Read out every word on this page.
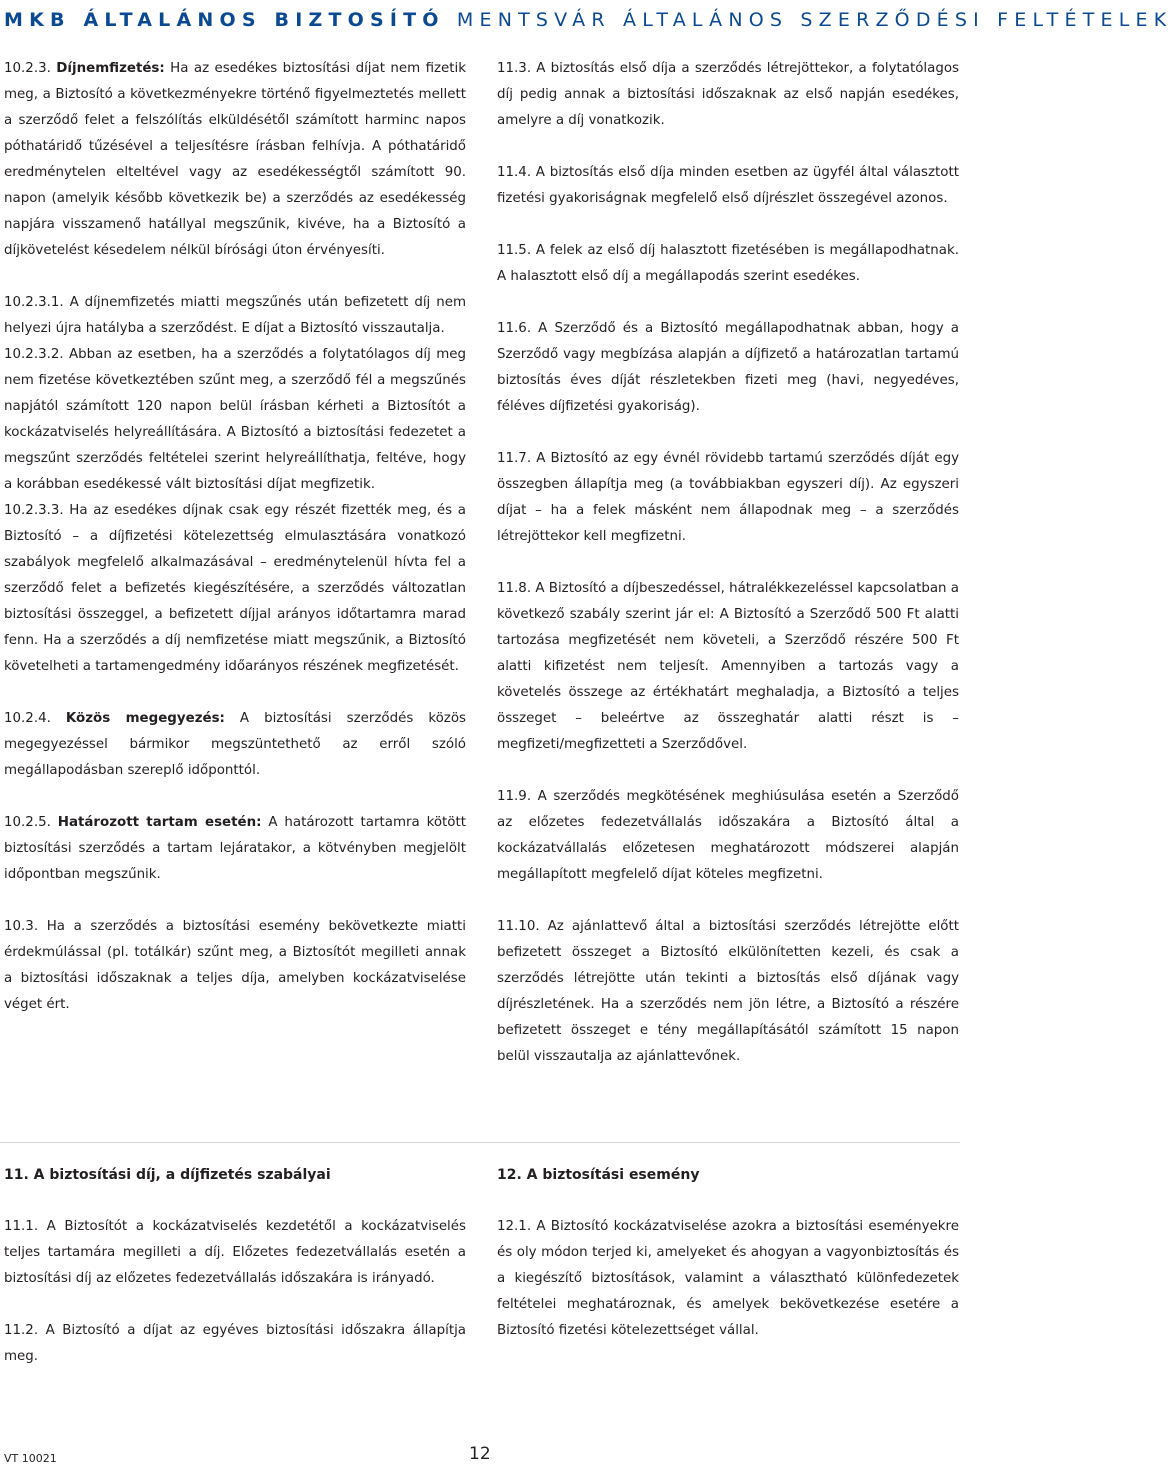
MKB ÁLTALÁNOS BIZTOSÍTÓ MENTSVÁR ÁLTALÁNOS SZERZŐDÉSI FELTÉTELEK

10.2.3. Díjnemfizetés: Ha az esedékes biztosítási díjat nem fizetik meg, a Biztosító a következményekre történő figyelmeztetés mellett a szerződő felet a felszólítás elküldésétől számított harminc napos póthatáridő tűzésével a teljesítésre írásban felhívja. A póthatáridő eredménytelen elteltével vagy az esedékességtől számított 90. napon (amelyik később következik be) a szerződés az esedékesség napjára visszamenő hatállyal megszűnik, kivéve, ha a Biztosító a díjkövetelést késedelem nélkül bírósági úton érvényesíti.

10.2.3.1. A díjnemfizetés miatti megszűnés után befizetett díj nem helyezi újra hatályba a szerződést. E díjat a Biztosító visszautalja.

10.2.3.2. Abban az esetben, ha a szerződés a folytatólagos díj meg nem fizetése következtében szűnt meg, a szerződő fél a megszűnés napjától számított 120 napon belül írásban kérheti a Biztosítót a kockázatviselés helyreállítására. A Biztosító a biztosítási fedezetet a megszűnt szerződés feltételei szerint helyreállíthatja, feltéve, hogy a korábban esedékessé vált biztosítási díjat megfizetik.

10.2.3.3. Ha az esedékes díjnak csak egy részét fizették meg, és a Biztosító – a díjfizetési kötelezettség elmulasztására vonatkozó szabályok megfelelő alkalmazásával – eredménytelenül hívta fel a szerződő felet a befizetés kiegészítésére, a szerződés változatlan biztosítási összeggel, a befizetett díjjal arányos időtartamra marad fenn. Ha a szerződés a díj nemfizetése miatt megszűnik, a Biztosító követelheti a tartamengedmény időarányos részének megfizetését.

10.2.4. Közös megegyezés: A biztosítási szerződés közös megegyezéssel bármikor megszüntethető az erről szóló megállapodásban szereplő időponttól.

10.2.5. Határozott tartam esetén: A határozott tartamra kötött biztosítási szerződés a tartam lejáratakor, a kötvényben megjelölt időpontban megszűnik.

10.3. Ha a szerződés a biztosítási esemény bekövetkezte miatti érdekmúlással (pl. totálkár) szűnt meg, a Biztosítót megilleti annak a biztosítási időszaknak a teljes díja, amelyben kockázatviselése véget ért.

11.3. A biztosítás első díja a szerződés létrejöttekor, a folytatólagos díj pedig annak a biztosítási időszaknak az első napján esedékes, amelyre a díj vonatkozik.

11.4. A biztosítás első díja minden esetben az ügyfél által választott fizetési gyakoriságnak megfelelő első díjrészlet összegével azonos.

11.5. A felek az első díj halasztott fizetésében is megállapodhatnak. A halasztott első díj a megállapodás szerint esedékes.

11.6. A Szerződő és a Biztosító megállapodhatnak abban, hogy a Szerződő vagy megbízása alapján a díjfizető a határozatlan tartamú biztosítás éves díját részletekben fizeti meg (havi, negyedéves, féléves díjfizetési gyakoriság).

11.7. A Biztosító az egy évnél rövidebb tartamú szerződés díját egy összegben állapítja meg (a továbbiakban egyszeri díj). Az egyszeri díjat – ha a felek másként nem állapodnak meg – a szerződés létrejöttekor kell megfizetni.

11.8. A Biztosító a díjbeszedéssel, hátralékkezeléssel kapcsolatban a következő szabály szerint jár el: A Biztosító a Szerződő 500 Ft alatti tartozása megfizetését nem követeli, a Szerződő részére 500 Ft alatti kifizetést nem teljesít. Amennyiben a tartozás vagy a követelés összege az értékhatárt meghaladja, a Biztosító a teljes összeget – beleértve az összeghatár alatti részt is – megfizeti/megfizetteti a Szerződővel.

11.9. A szerződés megkötésének meghiúsulása esetén a Szerződő az előzetes fedezetvállalás időszakára a Biztosító által a kockázatvállalás előzetesen meghatározott módszerei alapján megállapított megfelelő díjat köteles megfizetni.

11.10. Az ajánlattevő által a biztosítási szerződés létrejötte előtt befizetett összeget a Biztosító elkülönítetten kezeli, és csak a szerződés létrejötte után tekinti a biztosítás első díjának vagy díjrészletének. Ha a szerződés nem jön létre, a Biztosító a részére befizetett összeget e tény megállapításától számított 15 napon belül visszautalja az ajánlattevőnek.

11. A biztosítási díj, a díjfizetés szabályai

11.1. A Biztosítót a kockázatviselés kezdetétől a kockázatviselés teljes tartamára megilleti a díj. Előzetes fedezetvállalás esetén a biztosítási díj az előzetes fedezetvállalás időszakára is irányadó.

11.2. A Biztosító a díjat az egyéves biztosítási időszakra állapítja meg.

12. A biztosítási esemény

12.1. A Biztosító kockázatviselése azokra a biztosítási eseményekre és oly módon terjed ki, amelyeket és ahogyan a vagyonbiztosítás és a kiegészítő biztosítások, valamint a választható különfedezetek feltételei meghatároznak, és amelyek bekövetkezése esetére a Biztosító fizetési kötelezettséget vállal.

VT 10021	12
